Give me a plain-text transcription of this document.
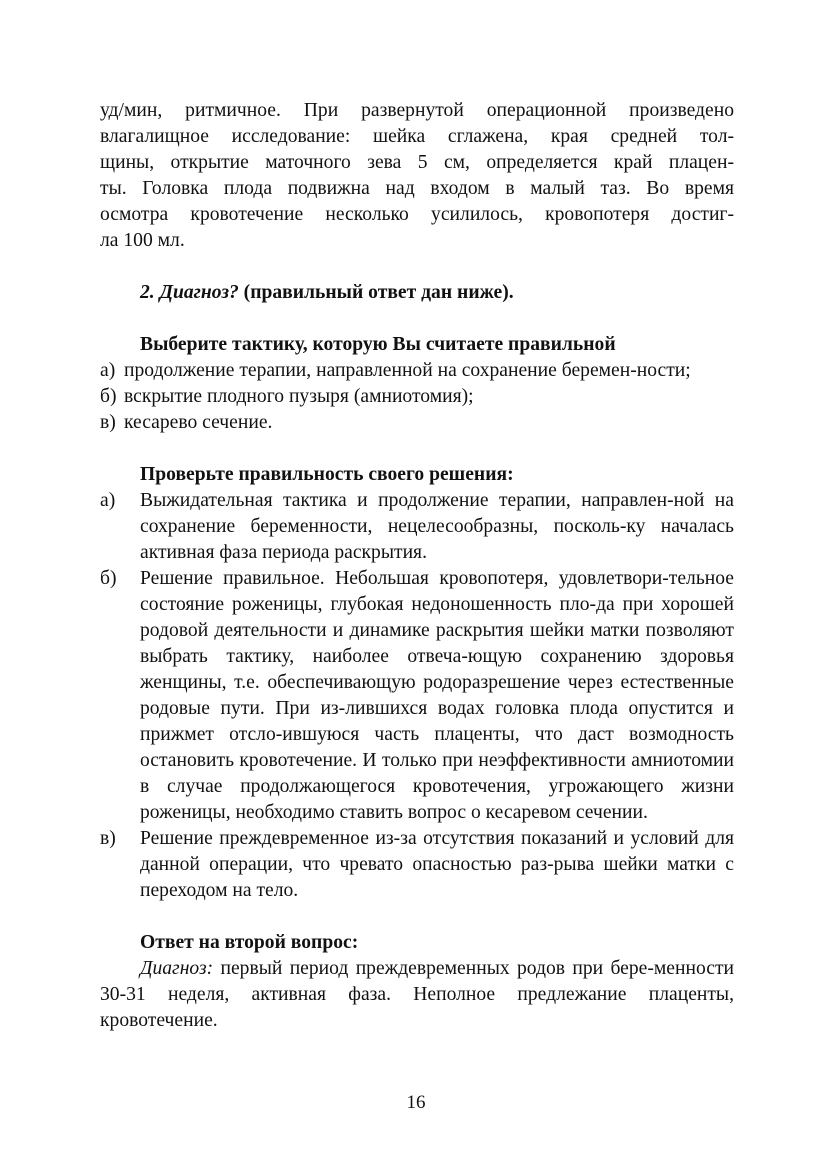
уд/мин, ритмичное. При развернутой операционной произведено
влагалищное исследование: шейка сглажена, края средней тол-
щины, открытие маточного зева 5 см, определяется край плацен-
ты. Головка плода подвижна над входом в малый таз. Во время
осмотра кровотечение несколько усилилось, кровопотеря достиг-
ла 100 мл.

2. Диагноз? (правильный ответ дан ниже).

Выберите тактику, которую Вы считаете правильной

а) продолжение терапии, направленной на сохранение беремен-ности;
б) вскрытие плодного пузыря (амниотомия);
в) кесарево сечение.

Проверьте правильность своего решения:

а)	Выжидательная тактика и продолжение терапии, направлен-ной на сохранение беременности, нецелесообразны, посколь-ку началась активная фаза периода раскрытия.
б)	Решение правильное. Небольшая кровопотеря, удовлетвори-тельное состояние роженицы, глубокая недоношенность пло-да при хорошей родовой деятельности и динамике раскрытия шейки матки позволяют выбрать тактику, наиболее отвеча-ющую сохранению здоровья женщины, т.е. обеспечивающую родоразрешение через естественные родовые пути. При из-лившихся водах головка плода опустится и прижмет отсло-ившуюся часть плаценты, что даст возмодность остановить кровотечение. И только при неэффективности амниотомии в случае продолжающегося кровотечения, угрожающего жизни роженицы, необходимо ставить вопрос о кесаревом сечении.
в)	Решение преждевременное из-за отсутствия показаний и условий для данной операции, что чревато опасностью раз-рыва шейки матки с переходом на тело.

Ответ на второй вопрос:

Диагноз: первый период преждевременных родов при бере-менности 30-31 неделя, активная фаза. Неполное предлежание плаценты, кровотечение.

16
